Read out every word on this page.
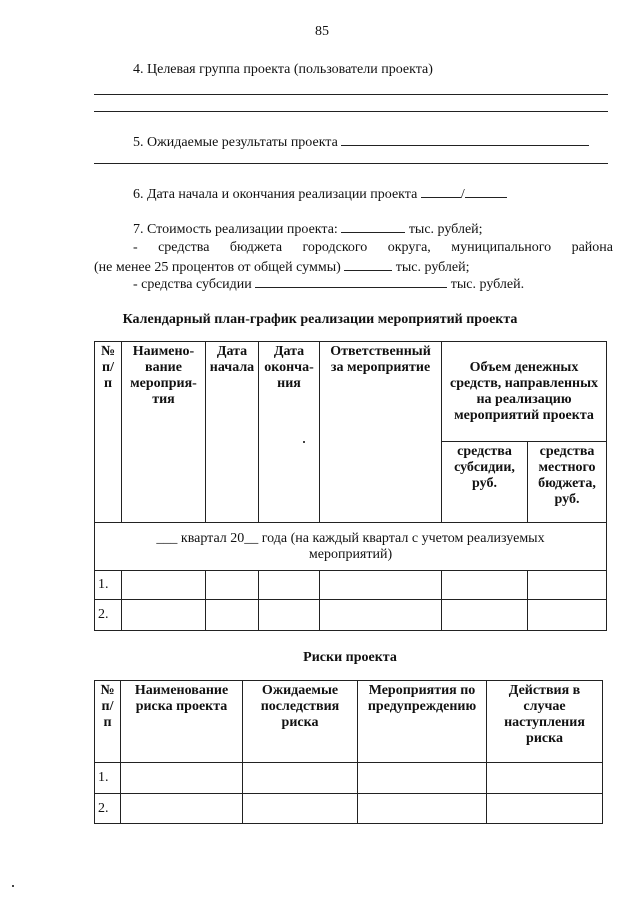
85
4. Целевая группа проекта (пользователи проекта)
5. Ожидаемые результаты проекта
6. Дата начала и окончания реализации проекта	/
7. Стоимость реализации проекта:	тыс. рублей;
- средства бюджета городского округа, муниципального района
(не менее 25 процентов от общей суммы)	тыс. рублей;
- средства субсидии	тыс. рублей.
Календарный план-график реализации мероприятий проекта
№ п/п	Наимено-вание мероприя-тия	Дата начала	Дата оконча-ния	Ответственный за мероприятие	Объем денежных средств, направленных на реализацию мероприятий проекта	
					средства субсидии, руб.	средства местного бюджета, руб.
___ квартал 20__ года (на каждый квартал с учетом реализуемых мероприятий)						
1.						
2.						
Риски проекта
№ п/п	Наименование риска проекта	Ожидаемые последствия риска	Мероприятия по предупреждению	Действия в случае наступления риска
1.				
2.				
